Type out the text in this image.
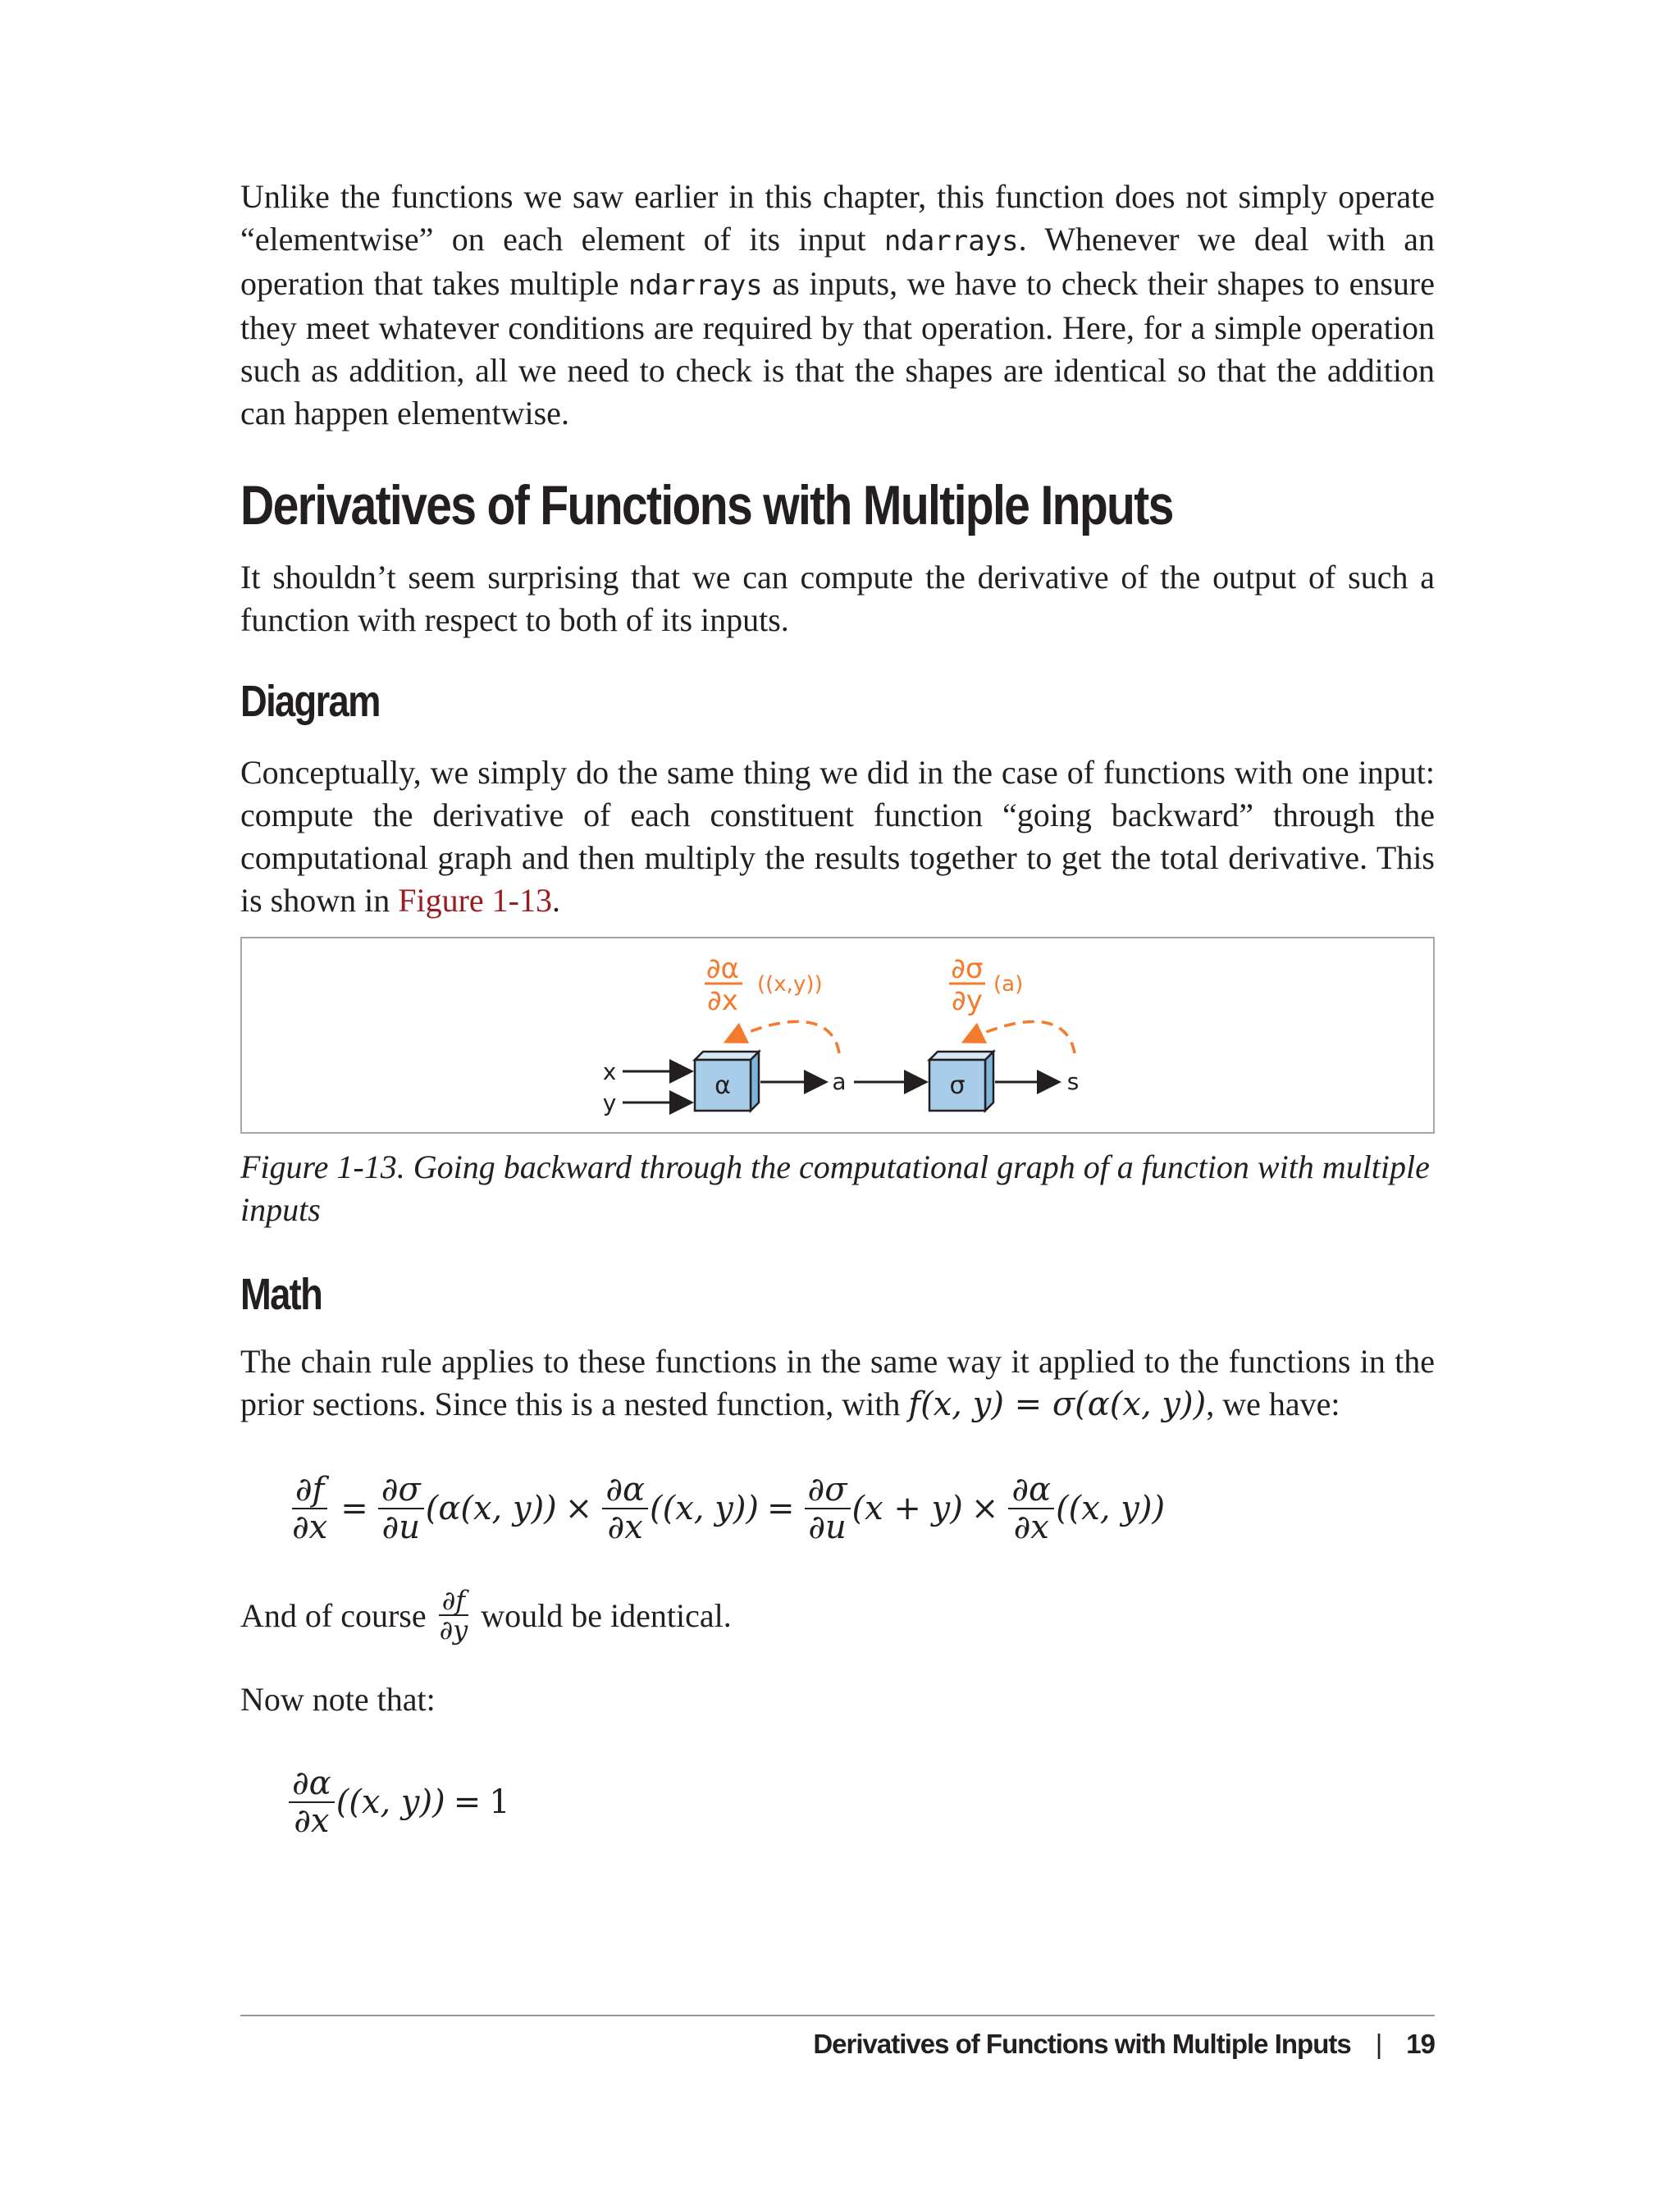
Unlike the functions we saw earlier in this chapter, this function does not simply operate “elementwise” on each element of its input ndarrays. Whenever we deal with an operation that takes multiple ndarrays as inputs, we have to check their shapes to ensure they meet whatever conditions are required by that operation. Here, for a simple operation such as addition, all we need to check is that the shapes are identical so that the addition can happen elementwise.

Derivatives of Functions with Multiple Inputs

It shouldn’t seem surprising that we can compute the derivative of the output of such a function with respect to both of its inputs.

Diagram

Conceptually, we simply do the same thing we did in the case of functions with one input: compute the derivative of each constituent function “going backward” through the computational graph and then multiply the results together to get the total derivative. This is shown in Figure 1-13.

∂α
∂x ((x,y))	∂σ
∂y (a)
x
y
α	a	σ	s

Figure 1-13. Going backward through the computational graph of a function with multiple inputs

Math

The chain rule applies to these functions in the same way it applied to the functions in the prior sections. Since this is a nested function, with f(x, y) = σ(α(x, y)), we have:

$\frac{\partial f}{\partial x} = \frac{\partial\sigma}{\partial u} (\alpha(x$, $y)) \times \frac{\partial\alpha}{\partial x} ((x$, $y)) = \frac{\partial\sigma}{\partial u} (x + y) \times \frac{\partial\alpha}{\partial x} ((x$, y))
And of course $\frac{\partial f}{\partial y}$ would be identical.

Now note that:

$\frac{\partial\alpha}{\partial x} ((x$, y)) = 1
Derivatives of Functions with Multiple Inputs | 19
